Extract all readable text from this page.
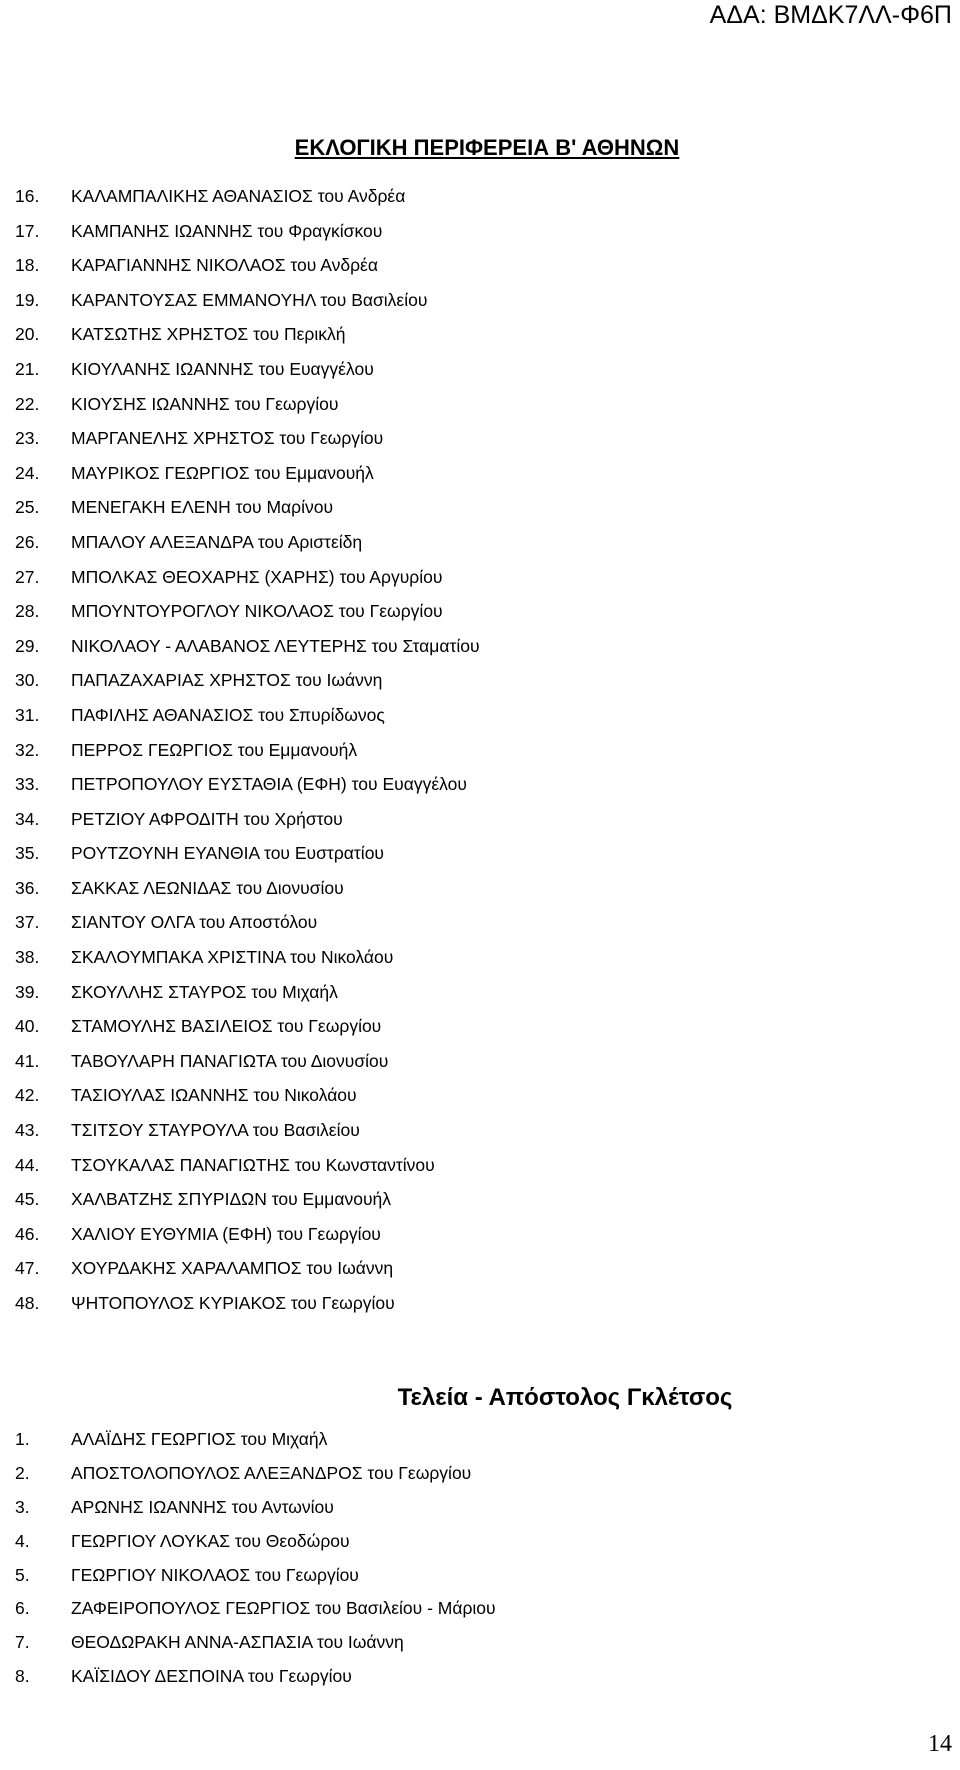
ΑΔΑ: ΒΜΔΚ7ΛΛ-Φ6Π
ΕΚΛΟΓΙΚΗ ΠΕΡΙΦΕΡΕΙΑ Β' ΑΘΗΝΩΝ
16. ΚΑΛΑΜΠΑΛΙΚΗΣ ΑΘΑΝΑΣΙΟΣ του Ανδρέα
17. ΚΑΜΠΑΝΗΣ ΙΩΑΝΝΗΣ του Φραγκίσκου
18. ΚΑΡΑΓΙΑΝΝΗΣ ΝΙΚΟΛΑΟΣ του Ανδρέα
19. ΚΑΡΑΝΤΟΥΣΑΣ ΕΜΜΑΝΟΥΗΛ του Βασιλείου
20. ΚΑΤΣΩΤΗΣ ΧΡΗΣΤΟΣ του Περικλή
21. ΚΙΟΥΛΑΝΗΣ ΙΩΑΝΝΗΣ του Ευαγγέλου
22. ΚΙΟΥΣΗΣ ΙΩΑΝΝΗΣ του Γεωργίου
23. ΜΑΡΓΑΝΕΛΗΣ ΧΡΗΣΤΟΣ του Γεωργίου
24. ΜΑΥΡΙΚΟΣ ΓΕΩΡΓΙΟΣ του Εμμανουήλ
25. ΜΕΝΕΓΑΚΗ ΕΛΕΝΗ του Μαρίνου
26. ΜΠΑΛΟΥ ΑΛΕΞΑΝΔΡΑ του Αριστείδη
27. ΜΠΟΛΚΑΣ ΘΕΟΧΑΡΗΣ (ΧΑΡΗΣ) του Αργυρίου
28. ΜΠΟΥΝΤΟΥΡΟΓΛΟΥ ΝΙΚΟΛΑΟΣ του Γεωργίου
29. ΝΙΚΟΛΑΟΥ - ΑΛΑΒΑΝΟΣ ΛΕΥΤΕΡΗΣ του Σταματίου
30. ΠΑΠΑΖΑΧΑΡΙΑΣ ΧΡΗΣΤΟΣ του Ιωάννη
31. ΠΑΦΙΛΗΣ ΑΘΑΝΑΣΙΟΣ του Σπυρίδωνος
32. ΠΕΡΡΟΣ ΓΕΩΡΓΙΟΣ του Εμμανουήλ
33. ΠΕΤΡΟΠΟΥΛΟΥ ΕΥΣΤΑΘΙΑ (ΕΦΗ) του Ευαγγέλου
34. ΡΕΤΖΙΟΥ ΑΦΡΟΔΙΤΗ του Χρήστου
35. ΡΟΥΤΖΟΥΝΗ ΕΥΑΝΘΙΑ του Ευστρατίου
36. ΣΑΚΚΑΣ ΛΕΩΝΙΔΑΣ του Διονυσίου
37. ΣΙΑΝΤΟΥ ΟΛΓΑ του Αποστόλου
38. ΣΚΑΛΟΥΜΠΑΚΑ ΧΡΙΣΤΙΝΑ του Νικολάου
39. ΣΚΟΥΛΛΗΣ ΣΤΑΥΡΟΣ του Μιχαήλ
40. ΣΤΑΜΟΥΛΗΣ ΒΑΣΙΛΕΙΟΣ του Γεωργίου
41. ΤΑΒΟΥΛΑΡΗ ΠΑΝΑΓΙΩΤΑ του Διονυσίου
42. ΤΑΣΙΟΥΛΑΣ ΙΩΑΝΝΗΣ του Νικολάου
43. ΤΣΙΤΣΟΥ ΣΤΑΥΡΟΥΛΑ του Βασιλείου
44. ΤΣΟΥΚΑΛΑΣ ΠΑΝΑΓΙΩΤΗΣ του Κωνσταντίνου
45. ΧΑΛΒΑΤΖΗΣ ΣΠΥΡΙΔΩΝ του Εμμανουήλ
46. ΧΑΛΙΟΥ ΕΥΘΥΜΙΑ (ΕΦΗ) του Γεωργίου
47. ΧΟΥΡΔΑΚΗΣ ΧΑΡΑΛΑΜΠΟΣ του Ιωάννη
48. ΨΗΤΟΠΟΥΛΟΣ ΚΥΡΙΑΚΟΣ του Γεωργίου
Τελεία - Απόστολος Γκλέτσος
1. ΑΛΑΪΔΗΣ ΓΕΩΡΓΙΟΣ του Μιχαήλ
2. ΑΠΟΣΤΟΛΟΠΟΥΛΟΣ ΑΛΕΞΑΝΔΡΟΣ του Γεωργίου
3. ΑΡΩΝΗΣ ΙΩΑΝΝΗΣ του Αντωνίου
4. ΓΕΩΡΓΙΟΥ ΛΟΥΚΑΣ του Θεοδώρου
5. ΓΕΩΡΓΙΟΥ ΝΙΚΟΛΑΟΣ του Γεωργίου
6. ΖΑΦΕΙΡΟΠΟΥΛΟΣ ΓΕΩΡΓΙΟΣ του Βασιλείου - Μάριου
7. ΘΕΟΔΩΡΑΚΗ ΑΝΝΑ-ΑΣΠΑΣΙΑ του Ιωάννη
8. ΚΑΪΣΙΔΟΥ ΔΕΣΠΟΙΝΑ του Γεωργίου
14
